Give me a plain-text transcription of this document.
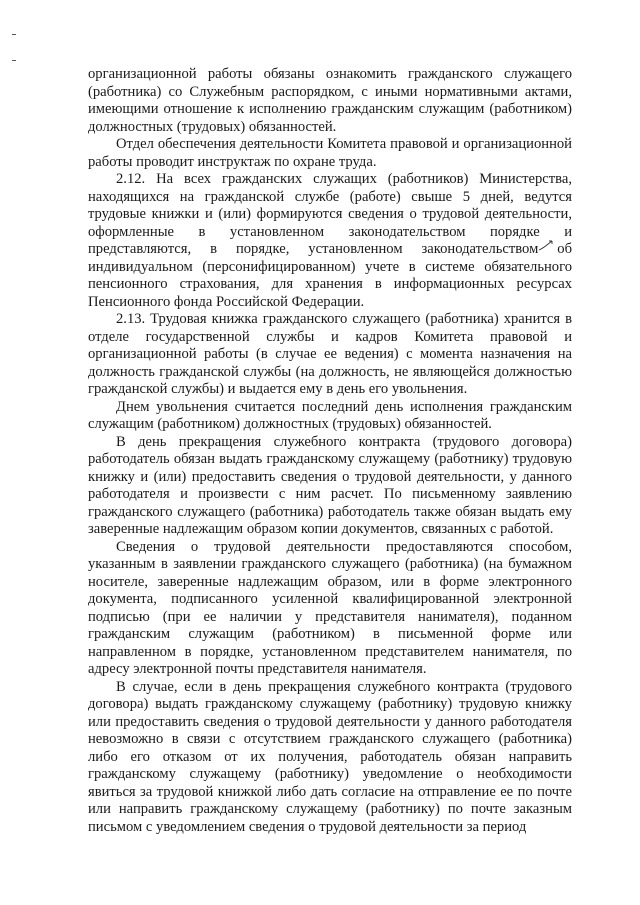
организационной работы обязаны ознакомить гражданского служащего (работника) со Служебным распорядком, с иными нормативными актами, имеющими отношение к исполнению гражданским служащим (работником) должностных (трудовых) обязанностей.

Отдел обеспечения деятельности Комитета правовой и организационной работы проводит инструктаж по охране труда.

2.12. На всех гражданских служащих (работников) Министерства, находящихся на гражданской службе (работе) свыше 5 дней, ведутся трудовые книжки и (или) формируются сведения о трудовой деятельности, оформленные в установленном законодательством порядке и представляются, в порядке, установленном законодательством об индивидуальном (персонифицированном) учете в системе обязательного пенсионного страхования, для хранения в информационных ресурсах Пенсионного фонда Российской Федерации.

2.13. Трудовая книжка гражданского служащего (работника) хранится в отделе государственной службы и кадров Комитета правовой и организационной работы (в случае ее ведения) с момента назначения на должность гражданской службы (на должность, не являющейся должностью гражданской службы) и выдается ему в день его увольнения.

Днем увольнения считается последний день исполнения гражданским служащим (работником) должностных (трудовых) обязанностей.

В день прекращения служебного контракта (трудового договора) работодатель обязан выдать гражданскому служащему (работнику) трудовую книжку и (или) предоставить сведения о трудовой деятельности, у данного работодателя и произвести с ним расчет. По письменному заявлению гражданского служащего (работника) работодатель также обязан выдать ему заверенные надлежащим образом копии документов, связанных с работой.

Сведения о трудовой деятельности предоставляются способом, указанным в заявлении гражданского служащего (работника) (на бумажном носителе, заверенные надлежащим образом, или в форме электронного документа, подписанного усиленной квалифицированной электронной подписью (при ее наличии у представителя нанимателя), поданном гражданским служащим (работником) в письменной форме или направленном в порядке, установленном представителем нанимателя, по адресу электронной почты представителя нанимателя.

В случае, если в день прекращения служебного контракта (трудового договора) выдать гражданскому служащему (работнику) трудовую книжку или предоставить сведения о трудовой деятельности у данного работодателя невозможно в связи с отсутствием гражданского служащего (работника) либо его отказом от их получения, работодатель обязан направить гражданскому служащему (работнику) уведомление о необходимости явиться за трудовой книжкой либо дать согласие на отправление ее по почте или направить гражданскому служащему (работнику) по почте заказным письмом с уведомлением сведения о трудовой деятельности за период
